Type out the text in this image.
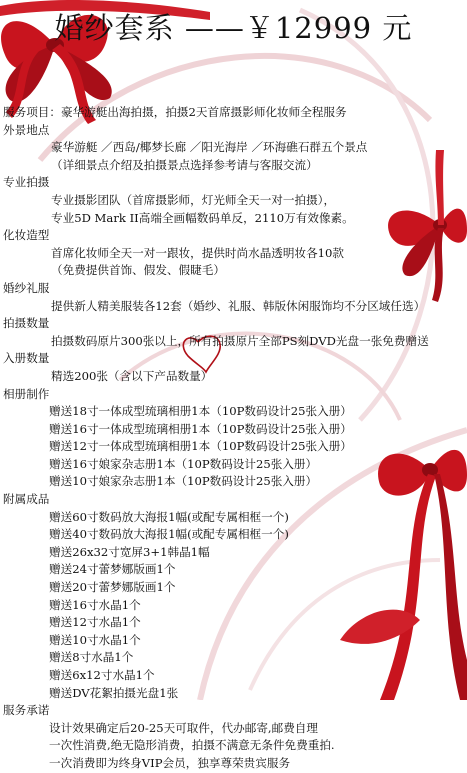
婚纱套系 ——￥12999 元
服务项目：豪华游艇出海拍摄，拍摄2天首席摄影师化妆师全程服务
外景地点
豪华游艇 ／西岛/椰梦长廊 ／阳光海岸 ／环海礁石群五个景点
（详细景点介绍及拍摄景点选择参考请与客服交流）
专业拍摄
专业摄影团队（首席摄影师，灯光师全天一对一拍摄），
专业5D Mark II高端全画幅数码单反，2110万有效像素。
化妆造型
首席化妆师全天一对一跟妆，提供时尚水晶透明妆各10款
（免费提供首饰、假发、假睫毛）
婚纱礼服
提供新人精美服装各12套（婚纱、礼服、韩版休闲服饰均不分区域任选）
拍摄数量
拍摄数码原片300张以上，所有拍摄原片全部PS刻DVD光盘一张免费赠送
入册数量
精选200张（含以下产品数量）
相册制作
赠送18寸一体成型琉璃相册1本（10P数码设计25张入册）
赠送16寸一体成型琉璃相册1本（10P数码设计25张入册）
赠送12寸一体成型琉璃相册1本（10P数码设计25张入册）
赠送16寸娘家杂志册1本（10P数码设计25张入册）
赠送10寸娘家杂志册1本（10P数码设计25张入册）
附属成品
赠送60寸数码放大海报1幅(或配专属相框一个)
赠送40寸数码放大海报1幅(或配专属相框一个)
赠送26x32寸宽屏3+1韩晶1幅
赠送24寸蕾梦娜版画1个
赠送20寸蕾梦娜版画1个
赠送16寸水晶1个
赠送12寸水晶1个
赠送10寸水晶1个
赠送8寸水晶1个
赠送6x12寸水晶1个
赠送DV花絮拍摄光盘1张
服务承诺
设计效果确定后20-25天可取件，代办邮寄,邮费自理
一次性消费,绝无隐形消费，拍摄不满意无条件免费重拍.
一次消费即为终身VIP会员，独享尊荣贵宾服务
